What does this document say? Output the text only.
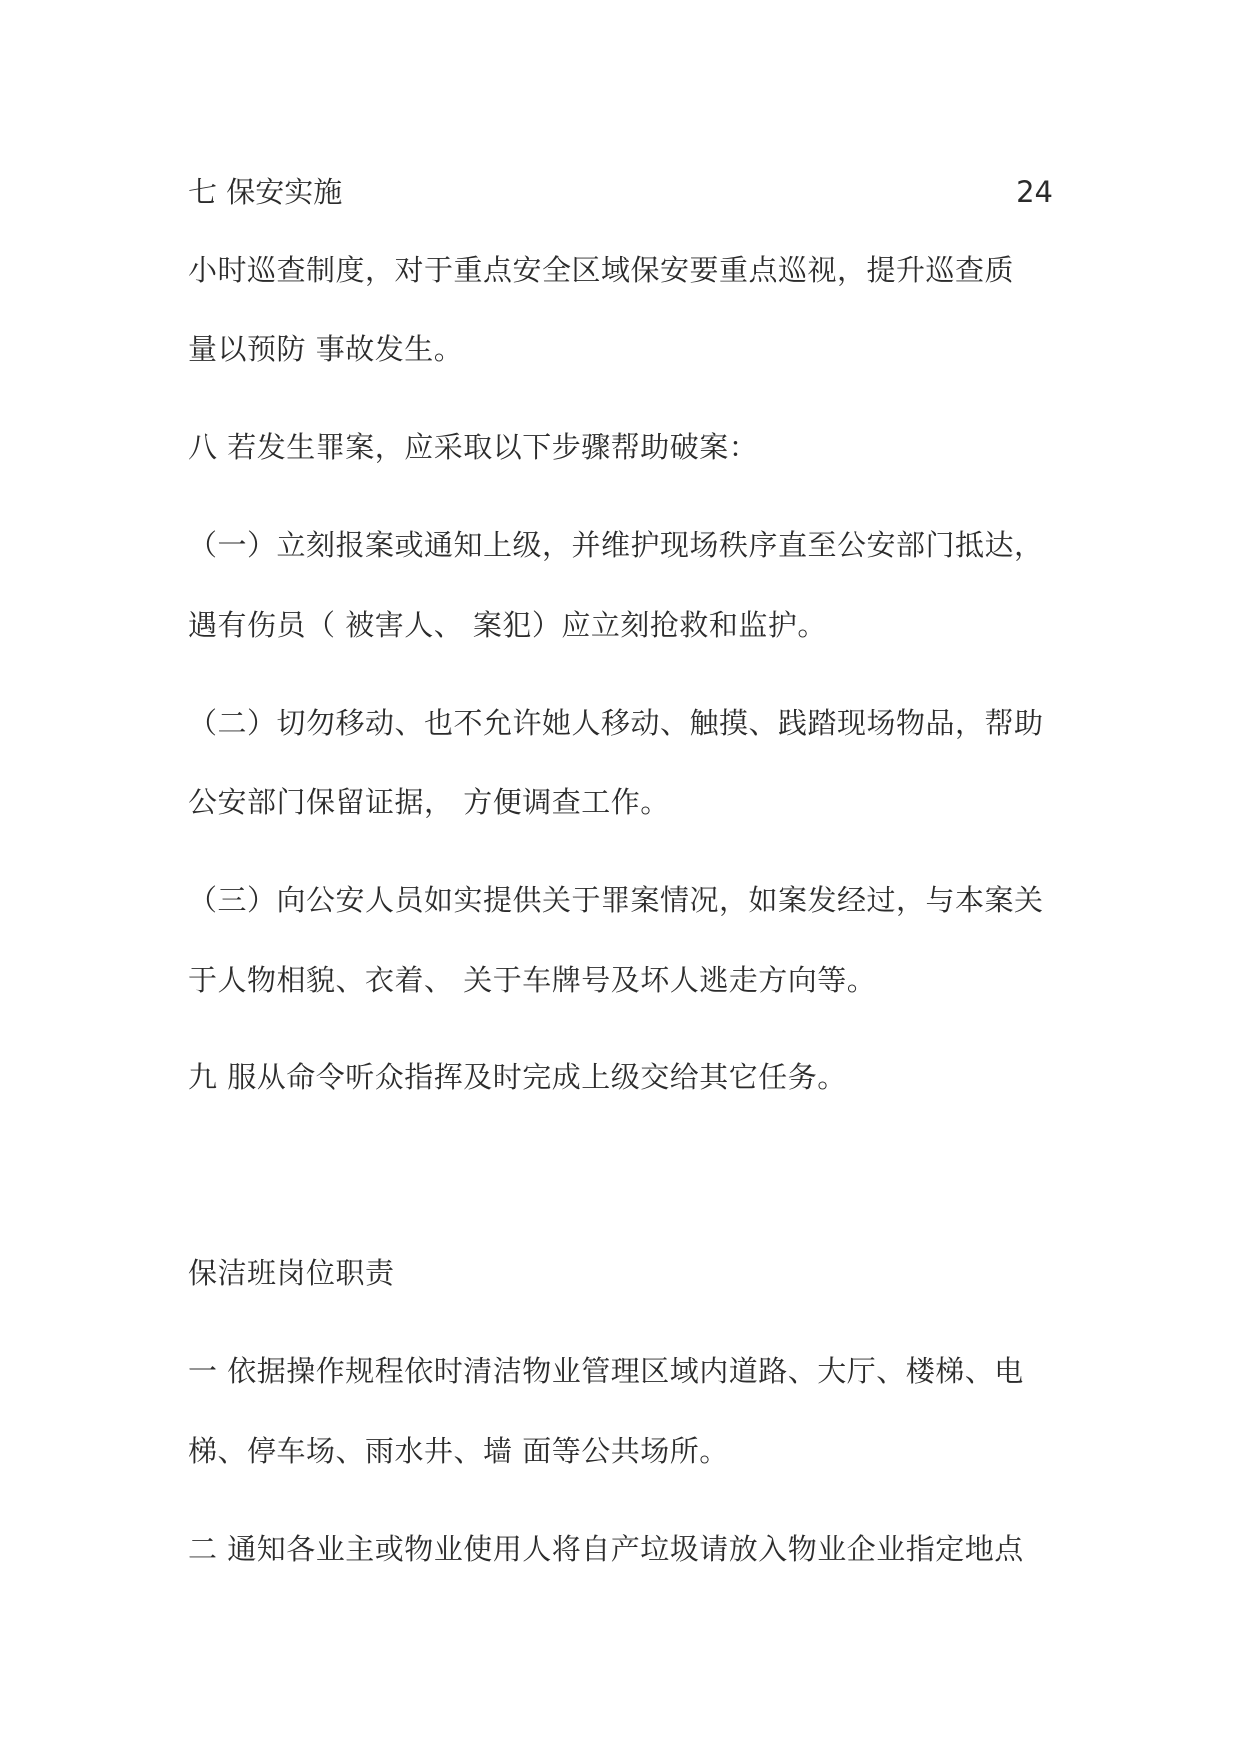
七 保安实施	24
小时巡查制度，对于重点安全区域保安要重点巡视，提升巡查质
量以预防 事故发生。
八 若发生罪案，应采取以下步骤帮助破案：
（一）立刻报案或通知上级，并维护现场秩序直至公安部门抵达，
遇有伤员（ 被害人、 案犯）应立刻抢救和监护。
（二）切勿移动、也不允许她人移动、触摸、践踏现场物品，帮助
公安部门保留证据， 方便调查工作。
（三）向公安人员如实提供关于罪案情况，如案发经过，与本案关
于人物相貌、衣着、 关于车牌号及坏人逃走方向等。
九 服从命令听众指挥及时完成上级交给其它任务。
保洁班岗位职责
一 依据操作规程依时清洁物业管理区域内道路、大厅、楼梯、电
梯、停车场、雨水井、墙 面等公共场所。
二 通知各业主或物业使用人将自产垃圾请放入物业企业指定地点
